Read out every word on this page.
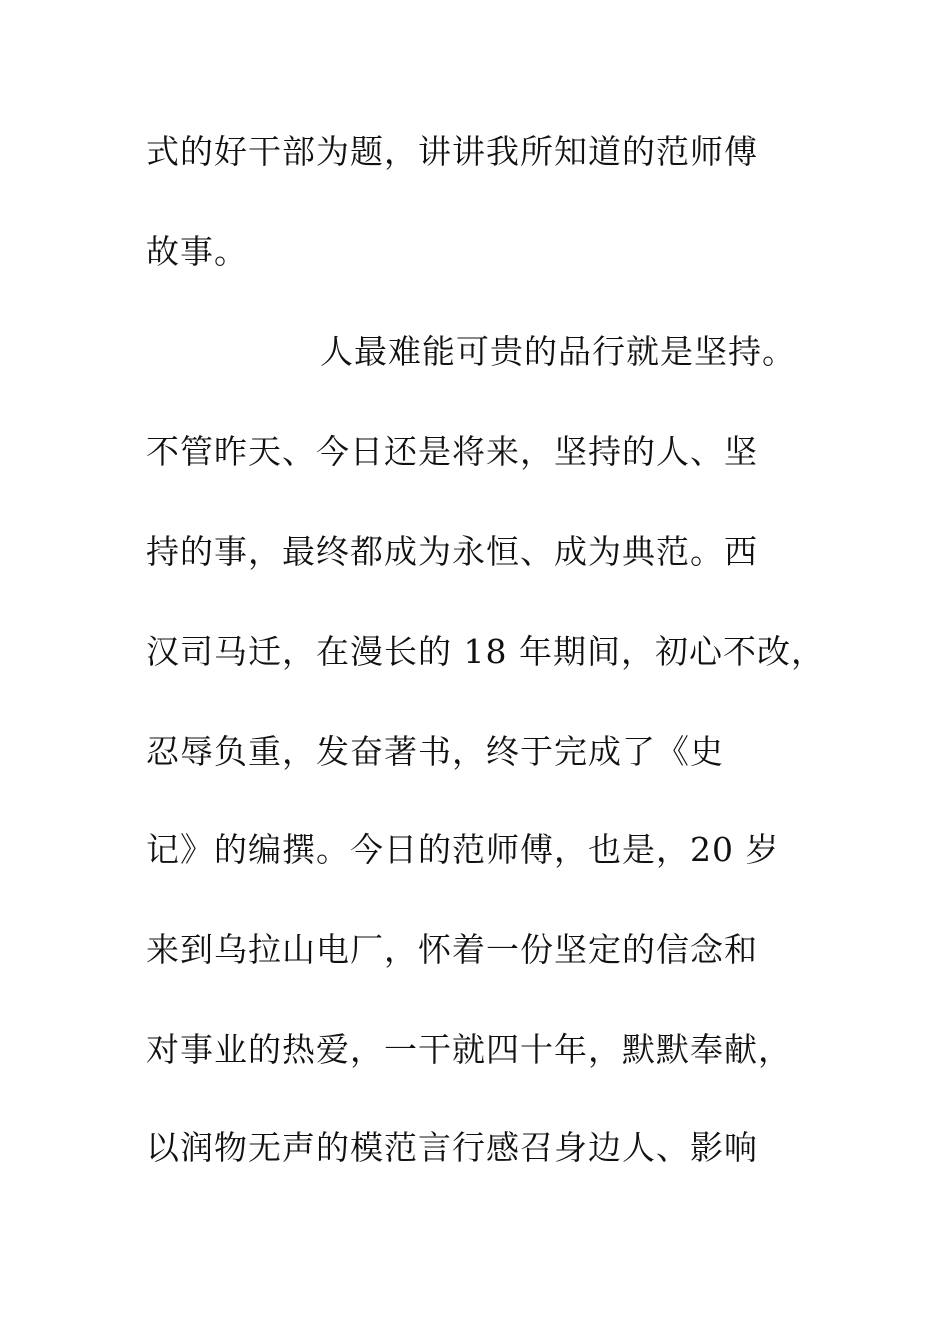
式的好干部为题，讲讲我所知道的范师傅
故事。
人最难能可贵的品行就是坚持。
不管昨天、今日还是将来，坚持的人、坚
持的事，最终都成为永恒、成为典范。西
汉司马迁，在漫长的 18 年期间，初心不改，
忍辱负重，发奋著书，终于完成了《史
记》的编撰。今日的范师傅，也是，20 岁
来到乌拉山电厂，怀着一份坚定的信念和
对事业的热爱，一干就四十年，默默奉献，
以润物无声的模范言行感召身边人、影响
